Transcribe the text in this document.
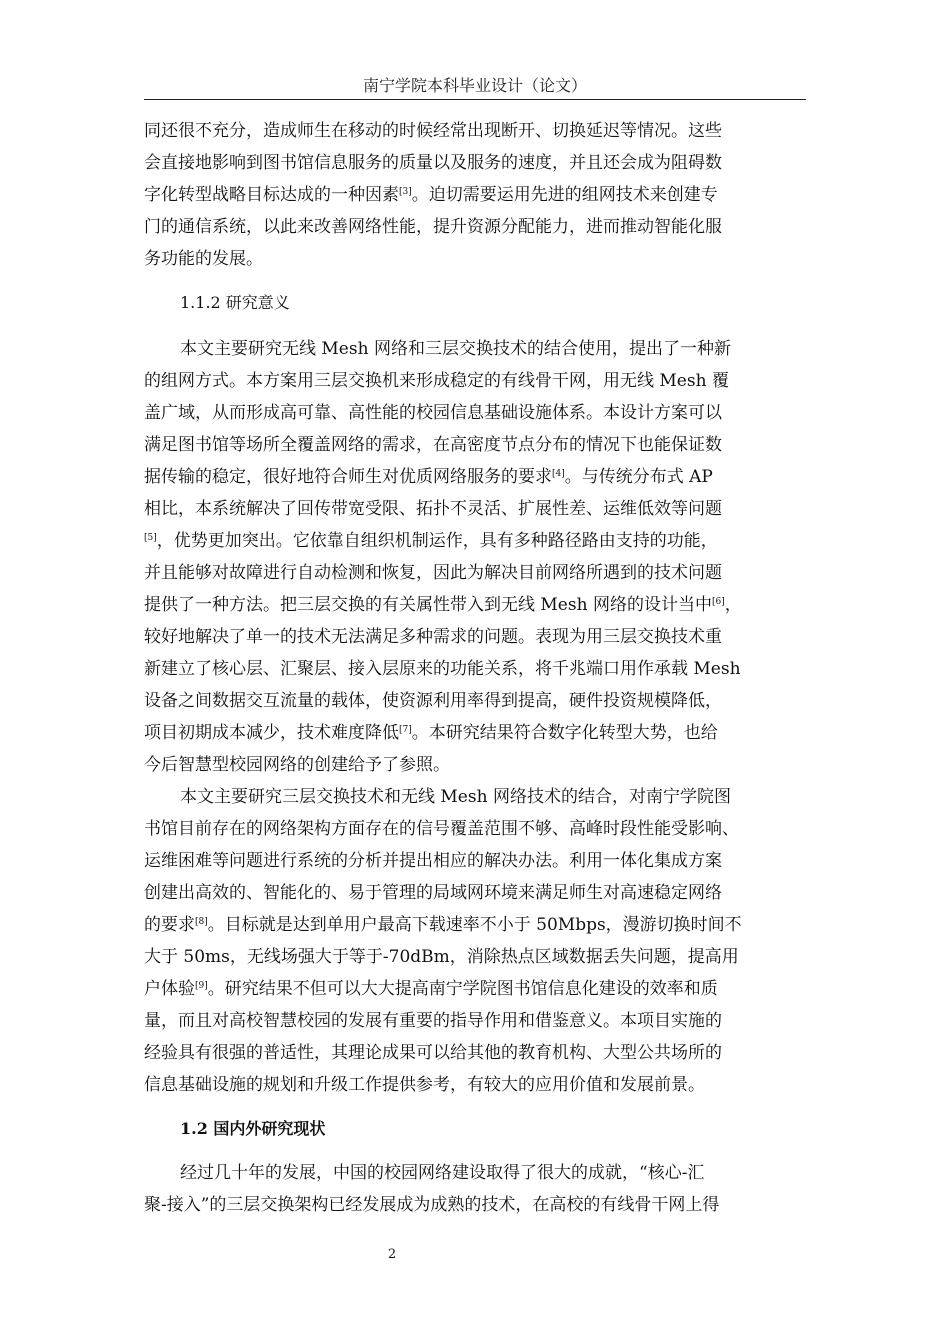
南宁学院本科毕业设计（论文）
同还很不充分，造成师生在移动的时候经常出现断开、切换延迟等情况。这些
会直接地影响到图书馆信息服务的质量以及服务的速度，并且还会成为阻碍数
字化转型战略目标达成的一种因素[3]。迫切需要运用先进的组网技术来创建专
门的通信系统，以此来改善网络性能，提升资源分配能力，进而推动智能化服
务功能的发展。
1.1.2 研究意义
本文主要研究无线 Mesh 网络和三层交换技术的结合使用，提出了一种新
的组网方式。本方案用三层交换机来形成稳定的有线骨干网，用无线 Mesh 覆
盖广域，从而形成高可靠、高性能的校园信息基础设施体系。本设计方案可以
满足图书馆等场所全覆盖网络的需求，在高密度节点分布的情况下也能保证数
据传输的稳定，很好地符合师生对优质网络服务的要求[4]。与传统分布式 AP
相比，本系统解决了回传带宽受限、拓扑不灵活、扩展性差、运维低效等问题
[5]，优势更加突出。它依靠自组织机制运作，具有多种路径路由支持的功能，
并且能够对故障进行自动检测和恢复，因此为解决目前网络所遇到的技术问题
提供了一种方法。把三层交换的有关属性带入到无线 Mesh 网络的设计当中[6]，
较好地解决了单一的技术无法满足多种需求的问题。表现为用三层交换技术重
新建立了核心层、汇聚层、接入层原来的功能关系，将千兆端口用作承载 Mesh
设备之间数据交互流量的载体，使资源利用率得到提高，硬件投资规模降低，
项目初期成本减少，技术难度降低[7]。本研究结果符合数字化转型大势，也给
今后智慧型校园网络的创建给予了参照。
本文主要研究三层交换技术和无线 Mesh 网络技术的结合，对南宁学院图
书馆目前存在的网络架构方面存在的信号覆盖范围不够、高峰时段性能受影响、
运维困难等问题进行系统的分析并提出相应的解决办法。利用一体化集成方案
创建出高效的、智能化的、易于管理的局域网环境来满足师生对高速稳定网络
的要求[8]。目标就是达到单用户最高下载速率不小于 50Mbps，漫游切换时间不
大于 50ms，无线场强大于等于-70dBm，消除热点区域数据丢失问题，提高用
户体验[9]。研究结果不但可以大大提高南宁学院图书馆信息化建设的效率和质
量，而且对高校智慧校园的发展有重要的指导作用和借鉴意义。本项目实施的
经验具有很强的普适性，其理论成果可以给其他的教育机构、大型公共场所的
信息基础设施的规划和升级工作提供参考，有较大的应用价值和发展前景。
1.2 国内外研究现状
经过几十年的发展，中国的校园网络建设取得了很大的成就，“核心-汇
聚-接入”的三层交换架构已经发展成为成熟的技术，在高校的有线骨干网上得
2
